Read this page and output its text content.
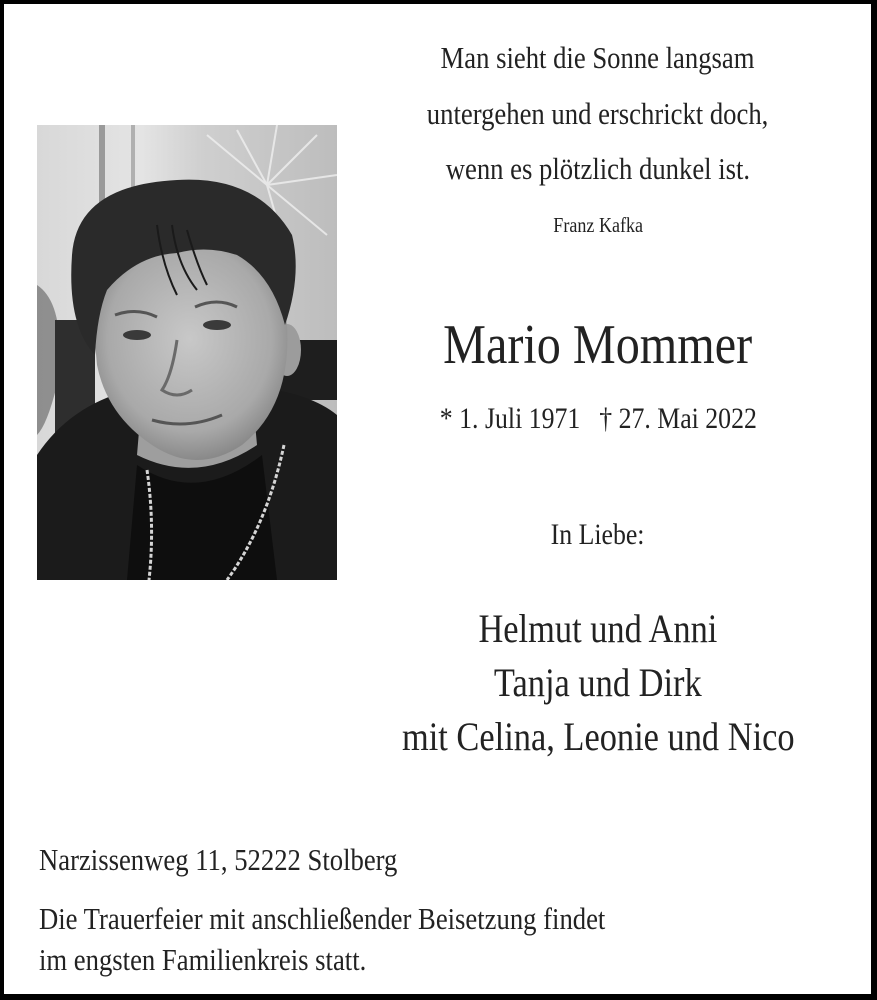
Man sieht die Sonne langsam
untergehen und erschrickt doch,
wenn es plötzlich dunkel ist.
Franz Kafka
Mario Mommer
* 1. Juli 1971 † 27. Mai 2022
In Liebe:
Helmut und Anni
Tanja und Dirk
mit Celina, Leonie und Nico
Narzissenweg 11, 52222 Stolberg
Die Trauerfeier mit anschließender Beisetzung findet
im engsten Familienkreis statt.
